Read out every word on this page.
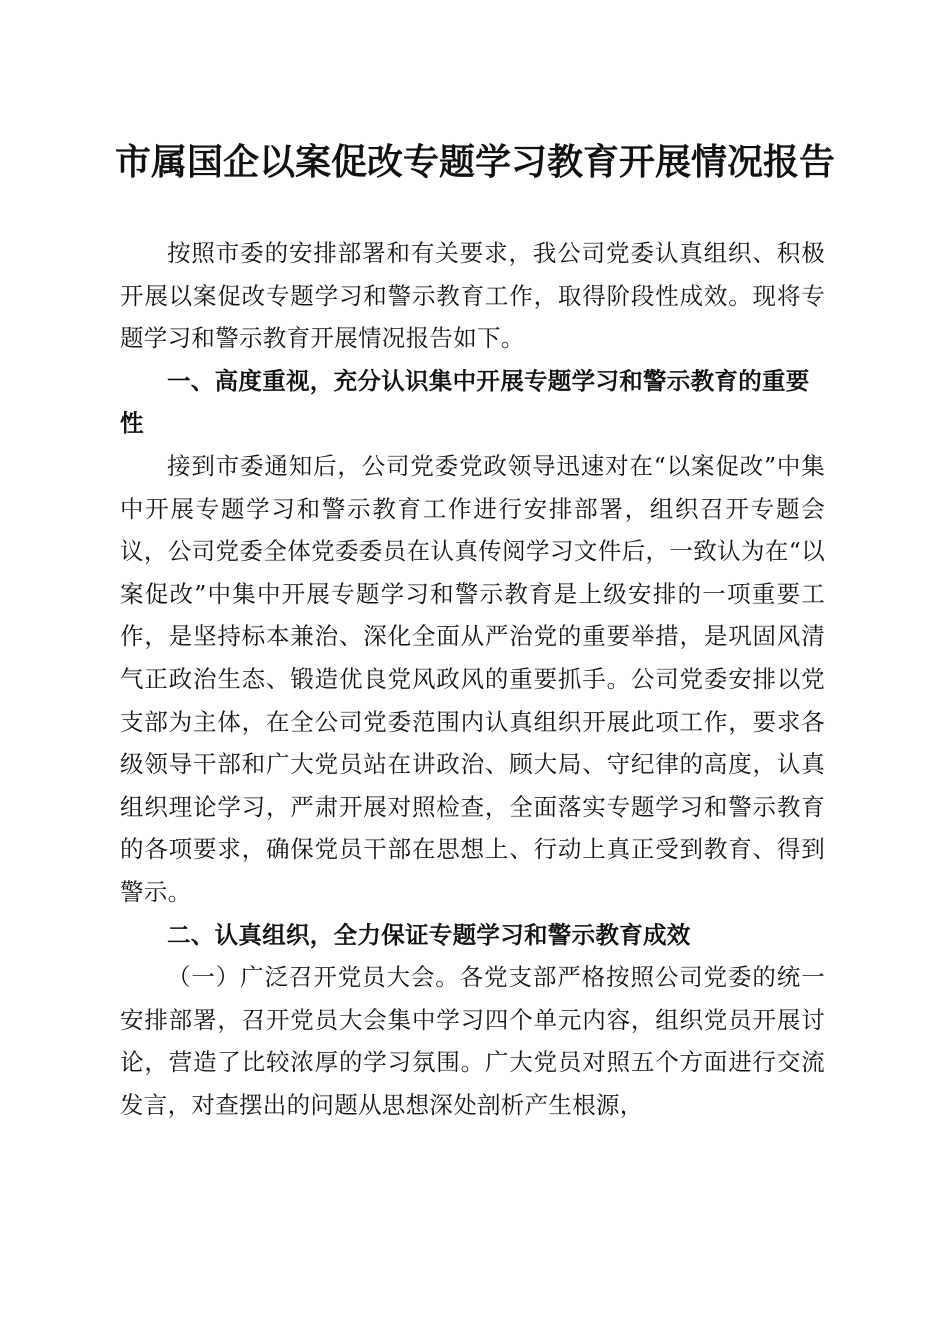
市属国企以案促改专题学习教育开展情况报告

按照市委的安排部署和有关要求，我公司党委认真组织、积极开展以案促改专题学习和警示教育工作，取得阶段性成效。现将专题学习和警示教育开展情况报告如下。

一、高度重视，充分认识集中开展专题学习和警示教育的重要性

接到市委通知后，公司党委党政领导迅速对在“以案促改”中集中开展专题学习和警示教育工作进行安排部署，组织召开专题会议，公司党委全体党委委员在认真传阅学习文件后，一致认为在“以案促改”中集中开展专题学习和警示教育是上级安排的一项重要工作，是坚持标本兼治、深化全面从严治党的重要举措，是巩固风清气正政治生态、锻造优良党风政风的重要抓手。公司党委安排以党支部为主体，在全公司党委范围内认真组织开展此项工作，要求各级领导干部和广大党员站在讲政治、顾大局、守纪律的高度，认真组织理论学习，严肃开展对照检查，全面落实专题学习和警示教育的各项要求，确保党员干部在思想上、行动上真正受到教育、得到警示。

二、认真组织，全力保证专题学习和警示教育成效

（一）广泛召开党员大会。各党支部严格按照公司党委的统一安排部署，召开党员大会集中学习四个单元内容，组织党员开展讨论，营造了比较浓厚的学习氛围。广大党员对照五个方面进行交流发言，对查摆出的问题从思想深处剖析产生根源，
